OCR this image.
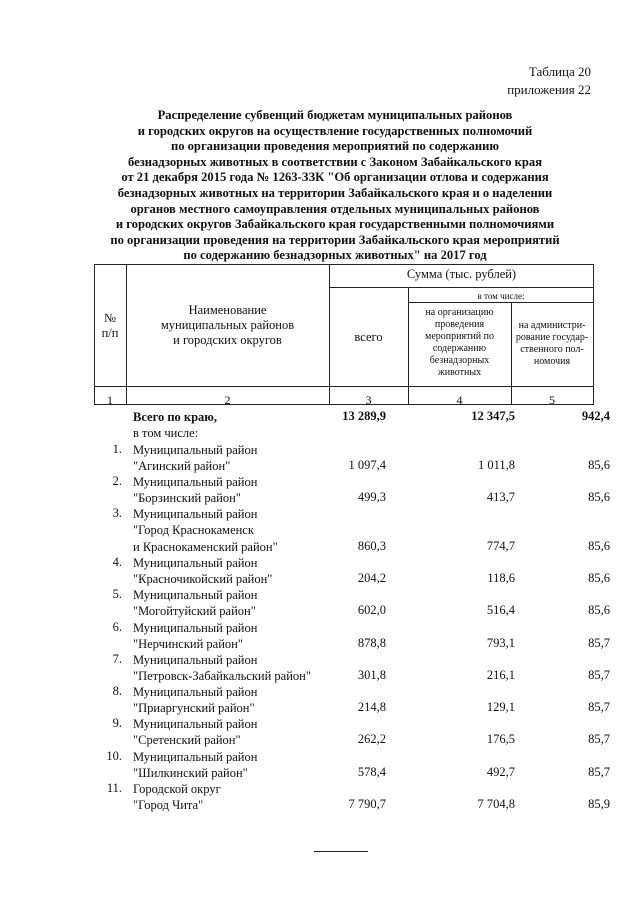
Таблица 20
приложения 22
Распределение субвенций бюджетам муниципальных районов
и городских округов на осуществление государственных полномочий
по организации проведения мероприятий по содержанию
безнадзорных животных в соответствии с Законом Забайкальского края
от 21 декабря 2015 года № 1263-ЗЗК "Об организации отлова и содержания
безнадзорных животных на территории Забайкальского края и о наделении
органов местного самоуправления отдельных муниципальных районов
и городских округов Забайкальского края государственными полномочиями
по организации проведения на территории Забайкальского края мероприятий
по содержанию безнадзорных животных" на 2017 год
№
п/п
Наименование
муниципальных районов
и городских округов
Сумма (тыс. рублей)
всего
в том числе:
на организацию
проведения
мероприятий по
содержанию
безнадзорных
животных
на администри-
рование государ-
ственного пол-
номочия
1	2	3	4	5
Всего по краю,
в том числе:
13 289,9	12 347,5	942,4
1. Муниципальный район
"Агинский район"	1 097,4	1 011,8	85,6
2. Муниципальный район
"Борзинский район"	499,3	413,7	85,6
3. Муниципальный район
"Город Краснокаменск
и Краснокаменский район"	860,3	774,7	85,6
4. Муниципальный район
"Красночикойский район"	204,2	118,6	85,6
5. Муниципальный район
"Могойтуйский район"	602,0	516,4	85,6
6. Муниципальный район
"Нерчинский район"	878,8	793,1	85,7
7. Муниципальный район
"Петровск-Забайкальский район"	301,8	216,1	85,7
8. Муниципальный район
"Приаргунский район"	214,8	129,1	85,7
9. Муниципальный район
"Сретенский район"	262,2	176,5	85,7
10. Муниципальный район
"Шилкинский район"	578,4	492,7	85,7
11. Городской округ
"Город Чита"	7 790,7	7 704,8	85,9
